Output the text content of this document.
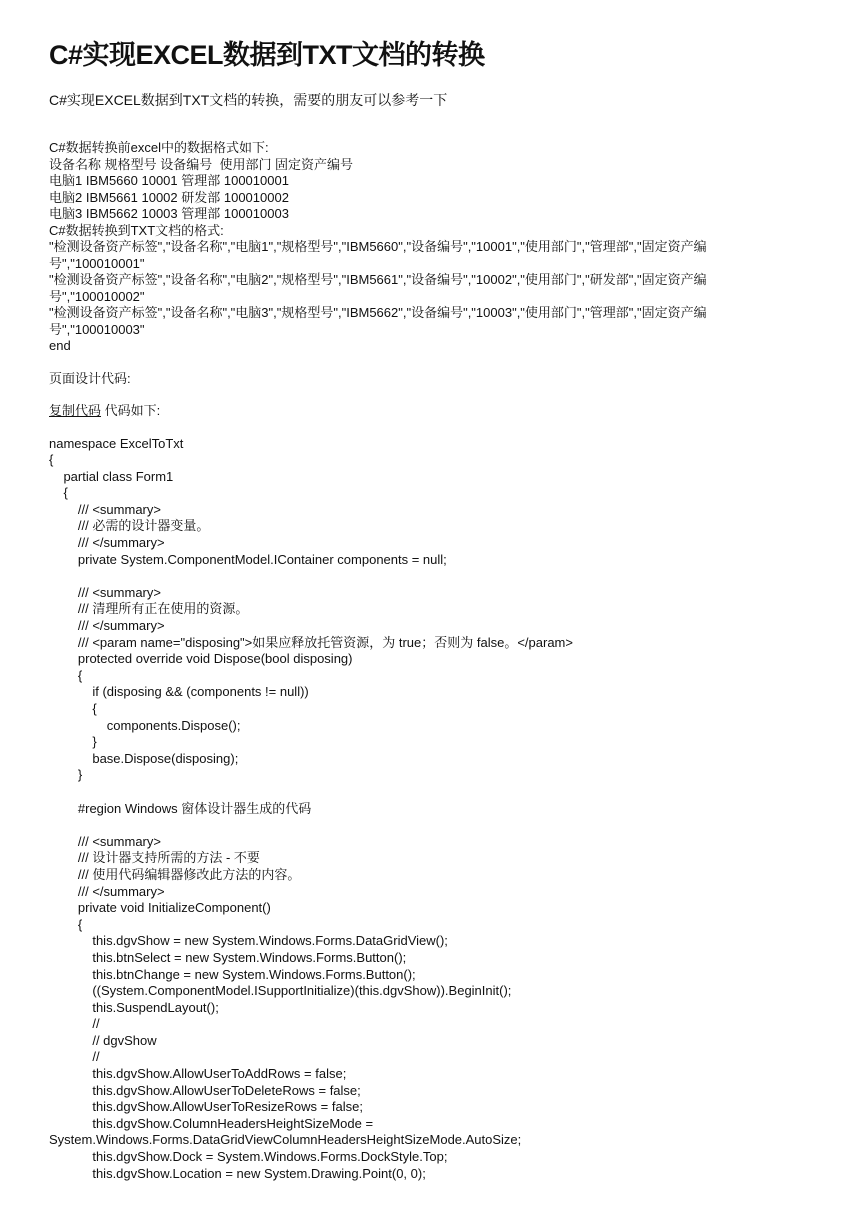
C#实现EXCEL数据到TXT文档的转换

C#实现EXCEL数据到TXT文档的转换，需要的朋友可以参考一下

C#数据转换前excel中的数据格式如下:
设备名称 规格型号 设备编号  使用部门 固定资产编号
电脑1 IBM5660 10001 管理部 100010001
电脑2 IBM5661 10002 研发部 100010002
电脑3 IBM5662 10003 管理部 100010003
C#数据转换到TXT文档的格式:
"检测设备资产标签","设备名称","电脑1","规格型号","IBM5660","设备编号","10001","使用部门","管理部","固定资产编
号","100010001"
"检测设备资产标签","设备名称","电脑2","规格型号","IBM5661","设备编号","10002","使用部门","研发部","固定资产编
号","100010002"
"检测设备资产标签","设备名称","电脑3","规格型号","IBM5662","设备编号","10003","使用部门","管理部","固定资产编
号","100010003"
end

页面设计代码:

复制代码 代码如下:

namespace ExcelToTxt
{
partial class Form1
{
/// <summary>
/// 必需的设计器变量。
/// </summary>
private System.ComponentModel.IContainer components = null;

/// <summary>
/// 清理所有正在使用的资源。
/// </summary>
/// <param name="disposing">如果应释放托管资源，为 true；否则为 false。</param>
protected override void Dispose(bool disposing)
{
if (disposing && (components != null))
{
components.Dispose();
}
base.Dispose(disposing);
}

#region Windows 窗体设计器生成的代码

/// <summary>
/// 设计器支持所需的方法 - 不要
/// 使用代码编辑器修改此方法的内容。
/// </summary>
private void InitializeComponent()
{
this.dgvShow = new System.Windows.Forms.DataGridView();
this.btnSelect = new System.Windows.Forms.Button();
this.btnChange = new System.Windows.Forms.Button();
((System.ComponentModel.ISupportInitialize)(this.dgvShow)).BeginInit();
this.SuspendLayout();
//
// dgvShow
//
this.dgvShow.AllowUserToAddRows = false;
this.dgvShow.AllowUserToDeleteRows = false;
this.dgvShow.AllowUserToResizeRows = false;
this.dgvShow.ColumnHeadersHeightSizeMode =
System.Windows.Forms.DataGridViewColumnHeadersHeightSizeMode.AutoSize;
this.dgvShow.Dock = System.Windows.Forms.DockStyle.Top;
this.dgvShow.Location = new System.Drawing.Point(0, 0);
